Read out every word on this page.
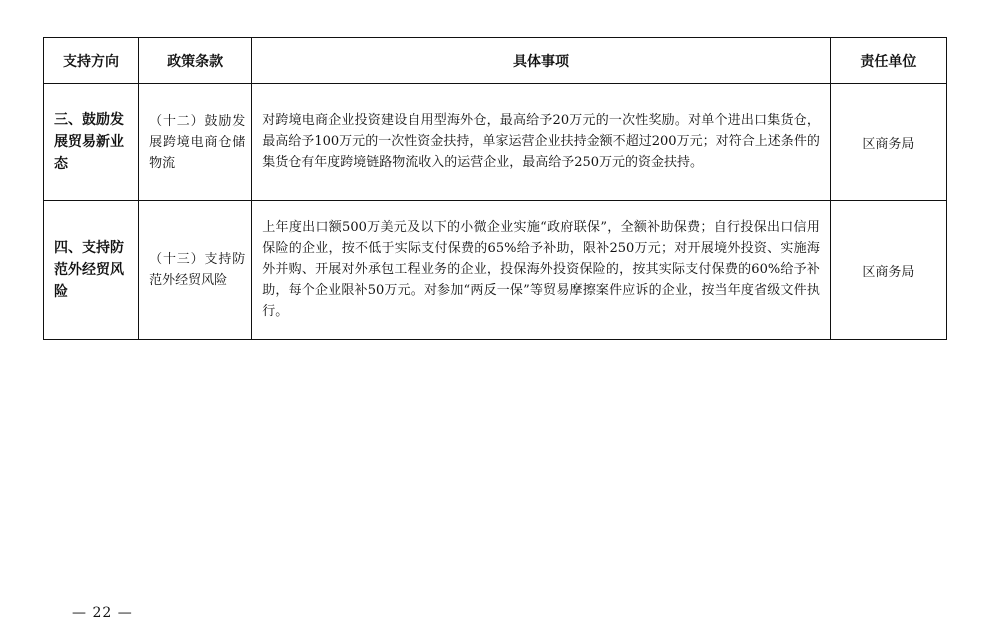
支持方向	政策条款	具体事项	责任单位
三、鼓励发展贸易新业态	（十二）鼓励发展跨境电商仓储物流	对跨境电商企业投资建设自用型海外仓，最高给予20万元的一次性奖励。对单个进出口集货仓，最高给予100万元的一次性资金扶持，单家运营企业扶持金额不超过200万元；对符合上述条件的集货仓有年度跨境链路物流收入的运营企业，最高给予250万元的资金扶持。	区商务局
四、支持防范外经贸风险	（十三）支持防范外经贸风险	上年度出口额500万美元及以下的小微企业实施“政府联保”，全额补助保费；自行投保出口信用保险的企业，按不低于实际支付保费的65%给予补助，限补250万元；对开展境外投资、实施海外并购、开展对外承包工程业务的企业，投保海外投资保险的，按其实际支付保费的60%给予补助，每个企业限补50万元。对参加“两反一保”等贸易摩擦案件应诉的企业，按当年度省级文件执行。	区商务局
— 22 —
